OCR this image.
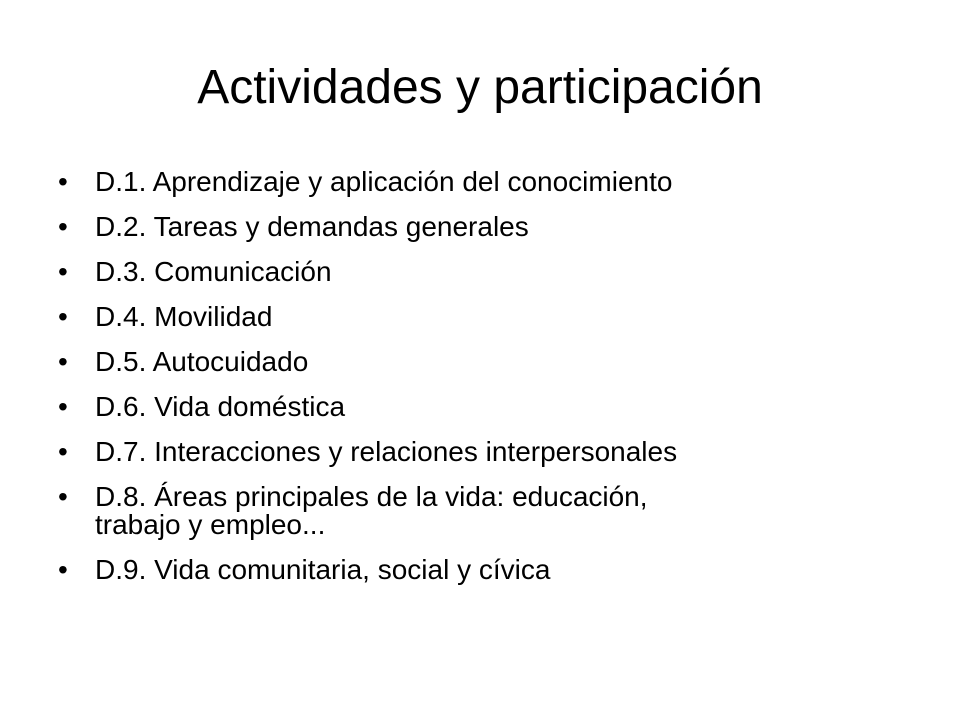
Actividades y participación
• D.1. Aprendizaje y aplicación del conocimiento
• D.2. Tareas y demandas generales
• D.3. Comunicación
• D.4. Movilidad
• D.5. Autocuidado
• D.6. Vida doméstica
• D.7. Interacciones y relaciones interpersonales
• D.8. Áreas principales de la vida: educación,
trabajo y empleo...
• D.9. Vida comunitaria, social y cívica
